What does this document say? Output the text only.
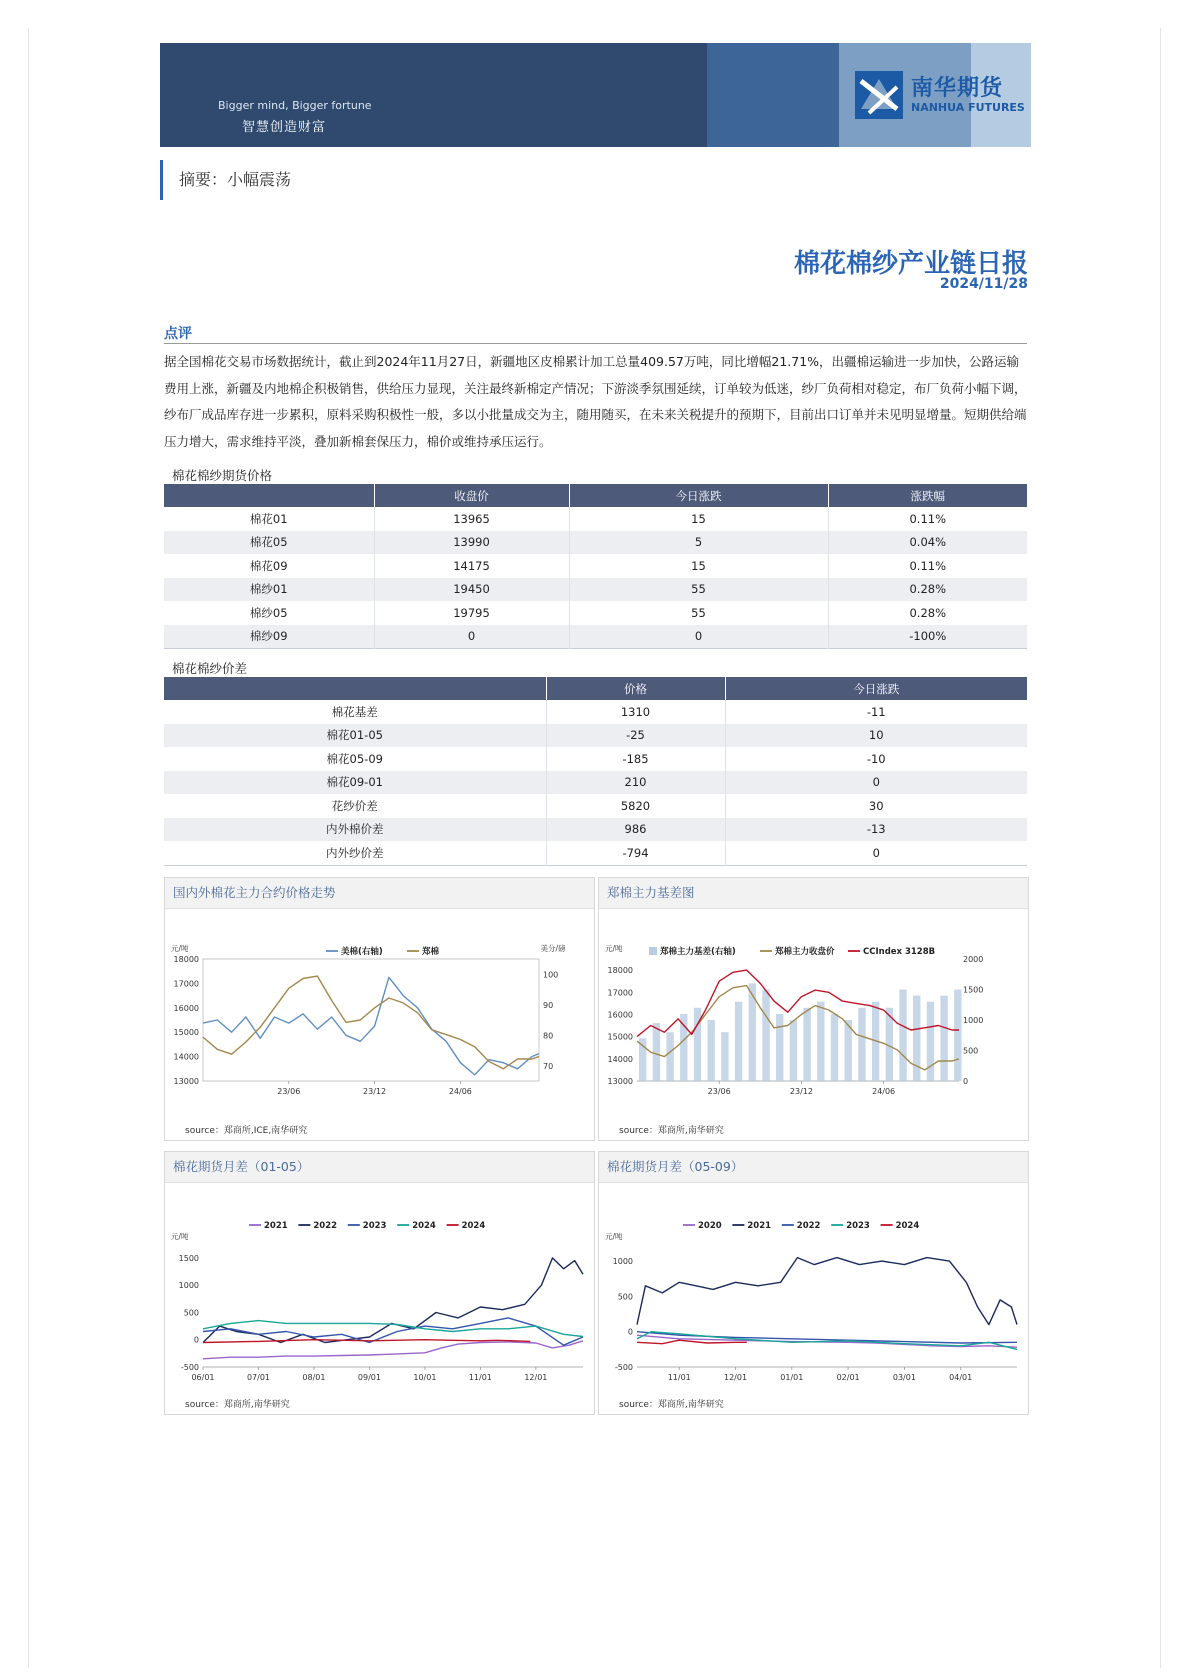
Bigger mind, Bigger fortune
智慧创造财富
南华期货
NANHUA FUTURES
摘要：小幅震荡
棉花棉纱产业链日报
2024/11/28
点评
据全国棉花交易市场数据统计，截止到2024年11月27日，新疆地区皮棉累计加工总量409.57万吨，同比增幅21.71%，出疆棉运输进一步加快，公路运输费用上涨，新疆及内地棉企积极销售，供给压力显现，关注最终新棉定产情况；下游淡季氛围延续，订单较为低迷，纱厂负荷相对稳定，布厂负荷小幅下调，纱布厂成品库存进一步累积，原料采购积极性一般，多以小批量成交为主，随用随买，在未来关税提升的预期下，目前出口订单并未见明显增量。短期供给端压力增大，需求维持平淡，叠加新棉套保压力，棉价或维持承压运行。
棉花棉纱期货价格
	收盘价	今日涨跌	涨跌幅
棉花01	13965	15	0.11%
棉花05	13990	5	0.04%
棉花09	14175	15	0.11%
棉纱01	19450	55	0.28%
棉纱05	19795	55	0.28%
棉纱09	0	0	-100%
棉花棉纱价差
	价格	今日涨跌
棉花基差	1310	-11
棉花01-05	-25	10
棉花05-09	-185	-10
棉花09-01	210	0
花纱价差	5820	30
内外棉价差	986	-13
内外纱价差	-794	0
国内外棉花主力合约价格走势
元/吨	美分/磅
13000
14000
15000
16000
17000
18000
70
80
90
100
23/06	23/12	24/06
美棉(右轴)	郑棉
source：郑商所,ICE,南华研究
郑棉主力基差图
元/吨
13000
14000
15000
16000
17000
18000
0
500
1000
1500
2000
23/06	23/12	24/06
郑棉主力基差(右轴)	郑棉主力收盘价	CCIndex 3128B
source：郑商所,南华研究
棉花期货月差（01-05）
元/吨
-500
0
500
1000
1500
06/01	07/01	08/01	09/01	10/01	11/01	12/01
2021	2022	2023	2024	2024
source：郑商所,南华研究
棉花期货月差（05-09）
元/吨
-500
0
500
1000
11/01	12/01	01/01	02/01	03/01	04/01
2020	2021	2022	2023	2024
source：郑商所,南华研究
